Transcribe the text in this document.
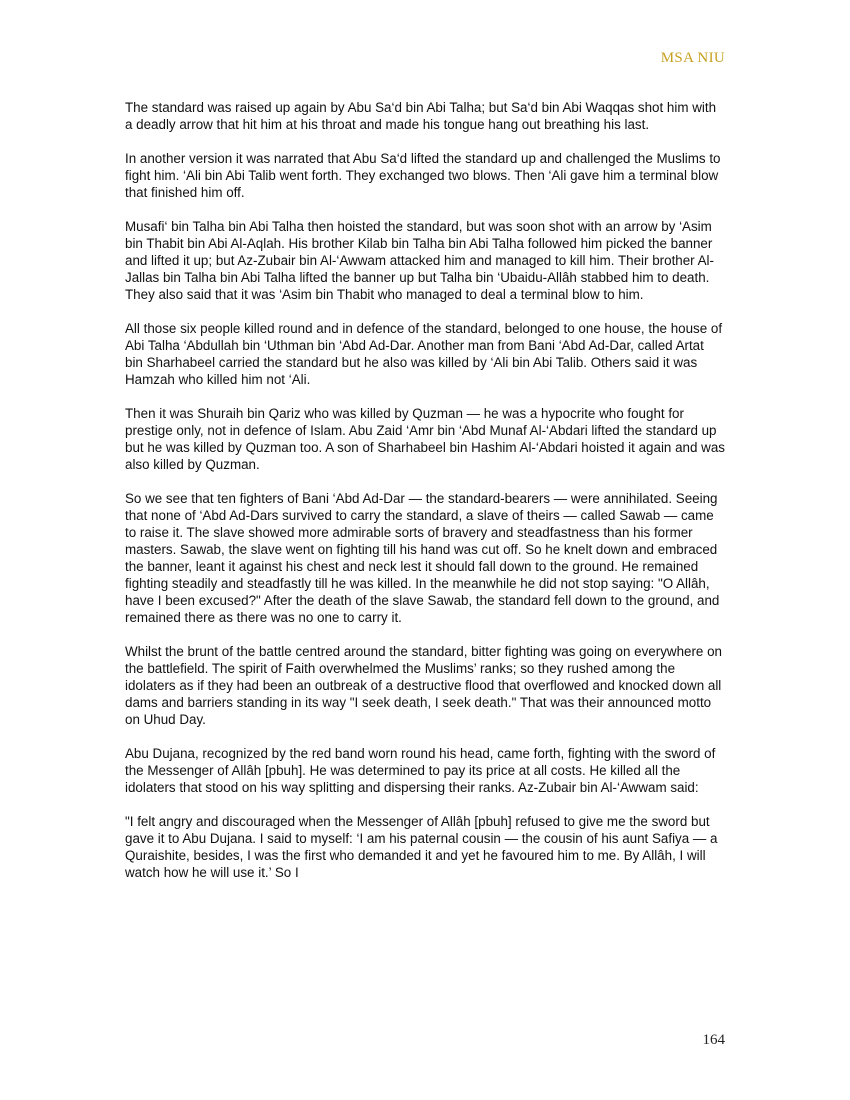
MSA NIU

The standard was raised up again by Abu Sa‘d bin Abi Talha; but Sa‘d bin Abi Waqqas shot him with a deadly arrow that hit him at his throat and made his tongue hang out breathing his last.

In another version it was narrated that Abu Sa‘d lifted the standard up and challenged the Muslims to fight him. ‘Ali bin Abi Talib went forth. They exchanged two blows. Then ‘Ali gave him a terminal blow that finished him off.

Musafi‘ bin Talha bin Abi Talha then hoisted the standard, but was soon shot with an arrow by ‘Asim bin Thabit bin Abi Al-Aqlah. His brother Kilab bin Talha bin Abi Talha followed him picked the banner and lifted it up; but Az-Zubair bin Al-‘Awwam attacked him and managed to kill him. Their brother Al-Jallas bin Talha bin Abi Talha lifted the banner up but Talha bin ‘Ubaidu-Allâh stabbed him to death. They also said that it was ‘Asim bin Thabit who managed to deal a terminal blow to him.

All those six people killed round and in defence of the standard, belonged to one house, the house of Abi Talha ‘Abdullah bin ‘Uthman bin ‘Abd Ad-Dar. Another man from Bani ‘Abd Ad-Dar, called Artat bin Sharhabeel carried the standard but he also was killed by ‘Ali bin Abi Talib. Others said it was Hamzah who killed him not ‘Ali.

Then it was Shuraih bin Qariz who was killed by Quzman — he was a hypocrite who fought for prestige only, not in defence of Islam. Abu Zaid ‘Amr bin ‘Abd Munaf Al-‘Abdari lifted the standard up but he was killed by Quzman too. A son of Sharhabeel bin Hashim Al-‘Abdari hoisted it again and was also killed by Quzman.

So we see that ten fighters of Bani ‘Abd Ad-Dar — the standard-bearers — were annihilated. Seeing that none of ‘Abd Ad-Dars survived to carry the standard, a slave of theirs — called Sawab — came to raise it. The slave showed more admirable sorts of bravery and steadfastness than his former masters. Sawab, the slave went on fighting till his hand was cut off. So he knelt down and embraced the banner, leant it against his chest and neck lest it should fall down to the ground. He remained fighting steadily and steadfastly till he was killed. In the meanwhile he did not stop saying: "O Allâh, have I been excused?" After the death of the slave Sawab, the standard fell down to the ground, and remained there as there was no one to carry it.

Whilst the brunt of the battle centred around the standard, bitter fighting was going on everywhere on the battlefield. The spirit of Faith overwhelmed the Muslims’ ranks; so they rushed among the idolaters as if they had been an outbreak of a destructive flood that overflowed and knocked down all dams and barriers standing in its way "I seek death, I seek death." That was their announced motto on Uhud Day.

Abu Dujana, recognized by the red band worn round his head, came forth, fighting with the sword of the Messenger of Allâh [pbuh]. He was determined to pay its price at all costs. He killed all the idolaters that stood on his way splitting and dispersing their ranks. Az-Zubair bin Al-‘Awwam said:

"I felt angry and discouraged when the Messenger of Allâh [pbuh] refused to give me the sword but gave it to Abu Dujana. I said to myself: ‘I am his paternal cousin — the cousin of his aunt Safiya — a Quraishite, besides, I was the first who demanded it and yet he favoured him to me. By Allâh, I will watch how he will use it.’ So I

164
